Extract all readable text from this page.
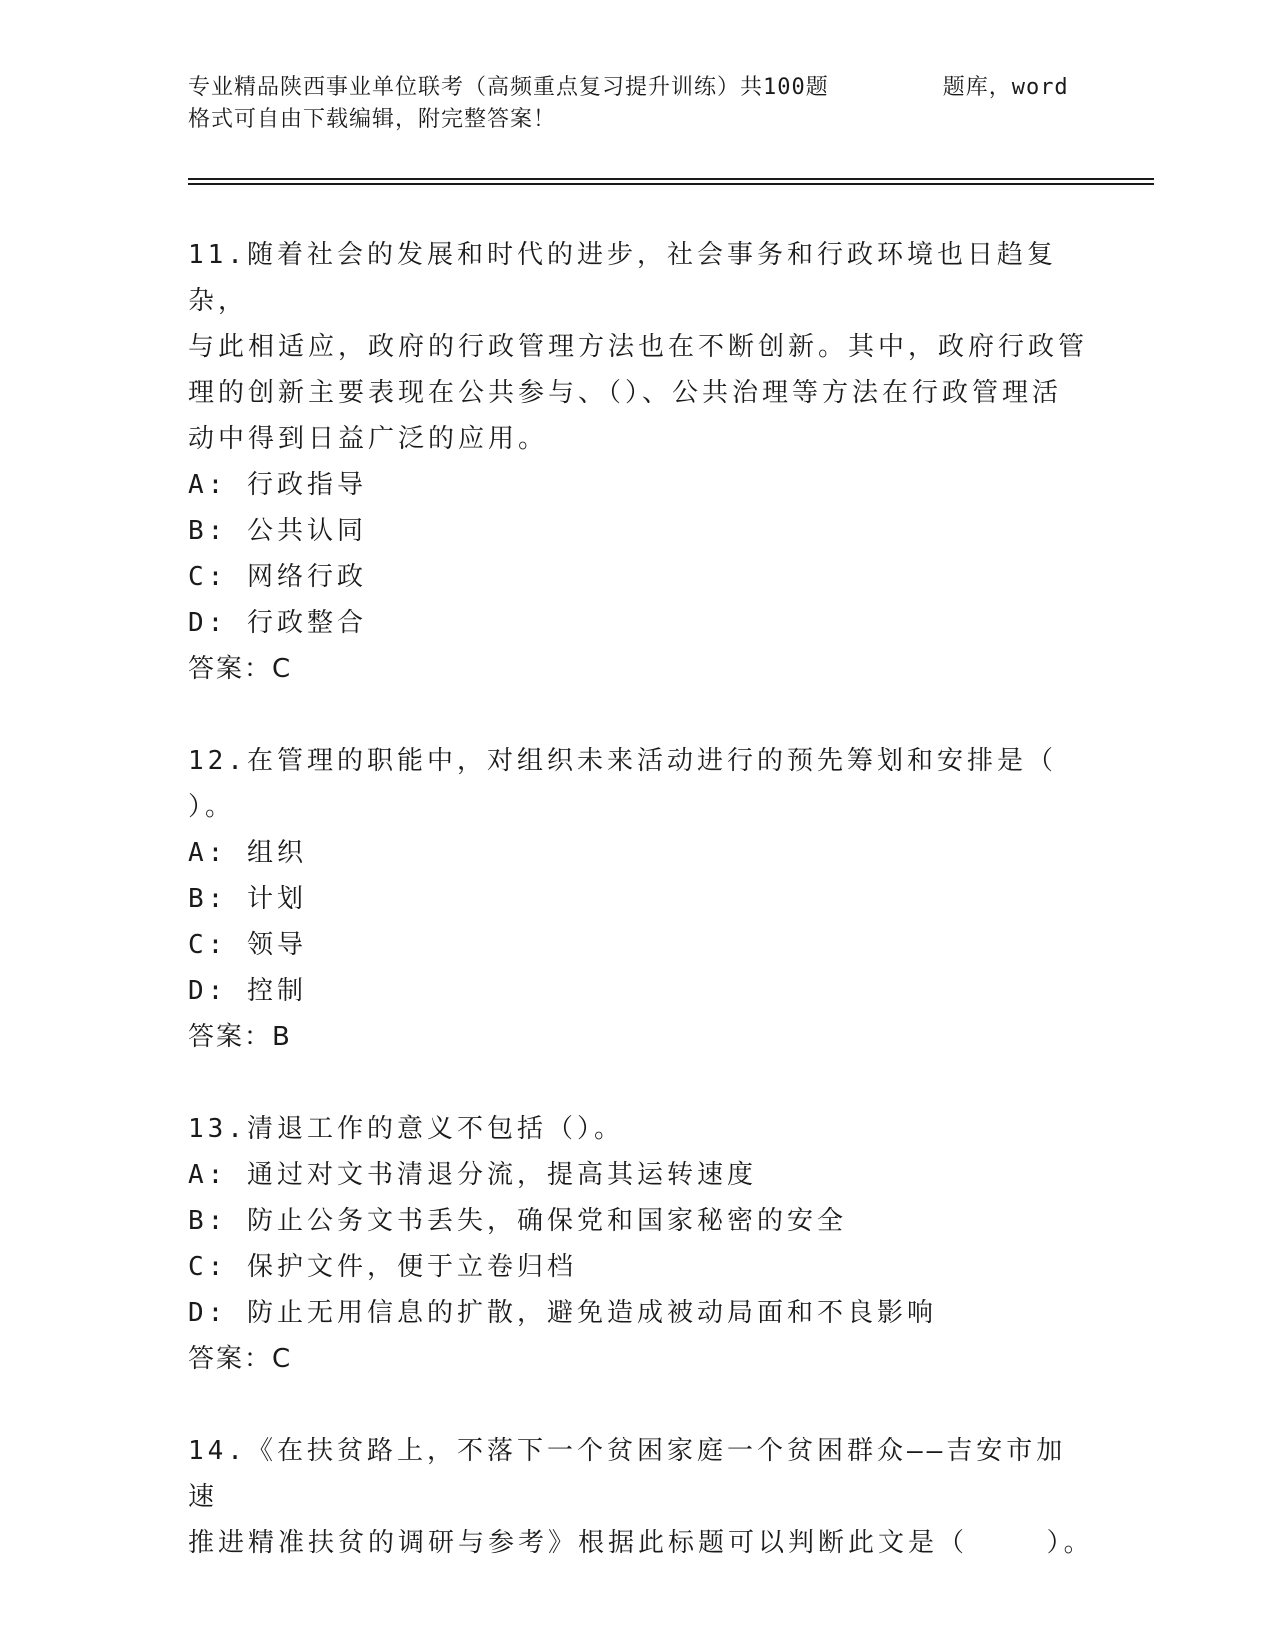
专业精品陕西事业单位联考（高频重点复习提升训练）共100题        题库，word
格式可自由下载编辑，附完整答案！

11.随着社会的发展和时代的进步，社会事务和行政环境也日趋复杂，

与此相适应，政府的行政管理方法也在不断创新。其中，政府行政管

理的创新主要表现在公共参与、（）、公共治理等方法在行政管理活

动中得到日益广泛的应用。

A: 行政指导

B: 公共认同

C: 网络行政

D: 行政整合

答案：C

12.在管理的职能中，对组织未来活动进行的预先筹划和安排是（

）。

A: 组织

B: 计划

C: 领导

D: 控制

答案：B

13.清退工作的意义不包括（）。

A: 通过对文书清退分流，提高其运转速度

B: 防止公务文书丢失，确保党和国家秘密的安全

C: 保护文件，便于立卷归档

D: 防止无用信息的扩散，避免造成被动局面和不良影响

答案：C

14.《在扶贫路上，不落下一个贫困家庭一个贫困群众——吉安市加速

推进精准扶贫的调研与参考》根据此标题可以判断此文是（    ）。
